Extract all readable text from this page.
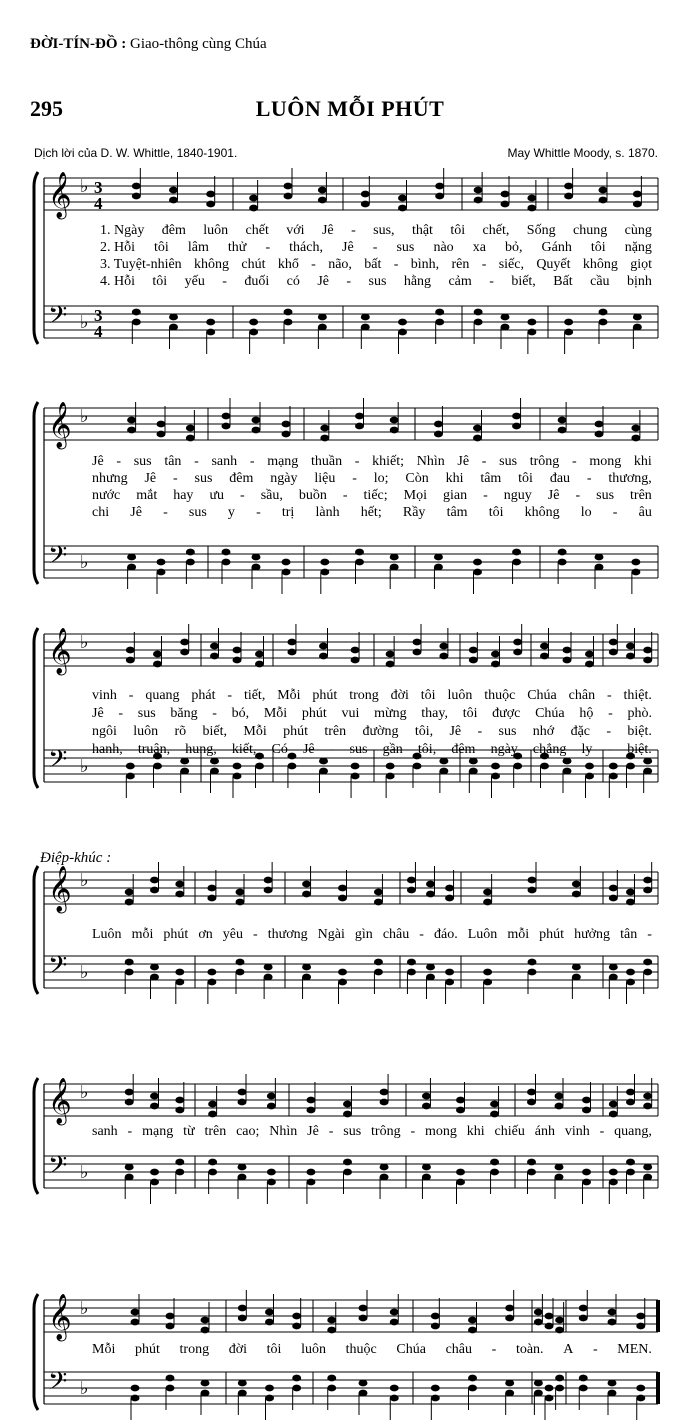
ĐỜI-TÍN-ĐỒ : Giao-thông cùng Chúa
295	LUÔN MỖI PHÚT
Dịch lời của D. W. Whittle, 1840-1901.	May Whittle Moody, s. 1870.
Điệp-khúc :
𝄞
𝄢
♭
♭
3
4
3
4
𝄞
𝄢
♭
♭
𝄞
𝄢
♭
♭
𝄞
𝄢
♭
♭
𝄞
𝄢
♭
♭
𝄞
𝄢
♭
♭
1. Ngày đêm luôn chết với Jê - sus, thật tôi chết, Sống chung cùng
2. Hỗi tôi lâm thử - thách, Jê - sus nào xa bỏ, Gánh tôi nặng
3. Tuyệt-nhiên không chút khổ - não, bất - bình, rên - siếc, Quyết không giọt
4. Hỗi tôi yếu - đuối có Jê - sus hằng cảm - biết, Bất cầu bịnh
Jê - sus tân - sanh - mạng thuần - khiết; Nhìn Jê - sus trông - mong khi
nhưng Jê - sus đêm ngày liệu - lo; Còn khi tâm tôi đau - thương,
nước mắt hay ưu - sầu, buồn - tiếc; Mọi gian - nguy Jê - sus trên
chi Jê - sus y - trị lành hết; Rầy tâm tôi không lo - âu
vinh - quang phát - tiết, Mỗi phút trong đời tôi luôn thuộc Chúa chân - thiệt.
Jê - sus băng - bó, Mỗi phút vui mừng thay, tôi được Chúa hộ - phò.
ngôi luôn rõ biết, Mỗi phút trên đường tôi, Jê - sus nhớ đặc - biệt.
hanh, truân, hung, kiết, Có Jê - sus gần tôi, đêm ngày chẳng ly - biệt.
Luôn mỗi phút ơn yêu - thương Ngài gìn châu - đáo. Luôn mỗi phút hưởng tân -
sanh - mạng từ trên cao; Nhìn Jê - sus trông - mong khi chiếu ánh vinh - quang,
Mỗi phút trong đời tôi luôn thuộc Chúa châu - toàn. A - MEN.
